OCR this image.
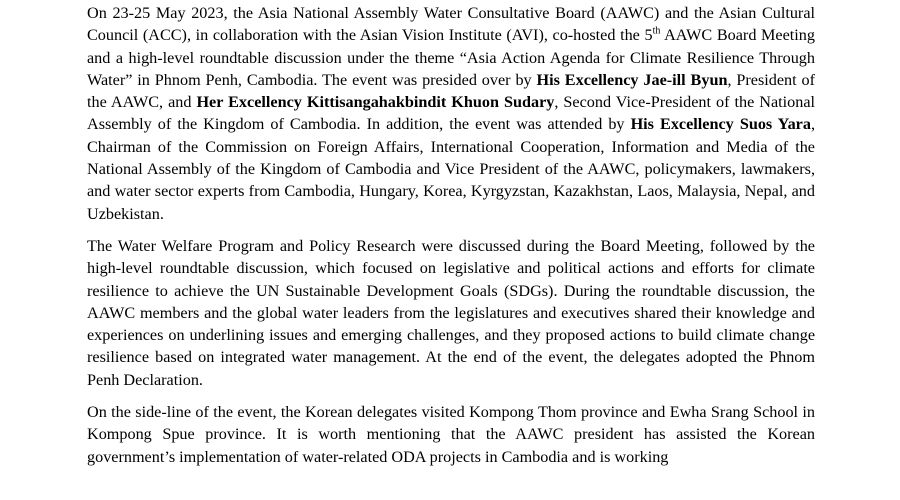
On 23-25 May 2023, the Asia National Assembly Water Consultative Board (AAWC) and the Asian Cultural Council (ACC), in collaboration with the Asian Vision Institute (AVI), co-hosted the 5th AAWC Board Meeting and a high-level roundtable discussion under the theme “Asia Action Agenda for Climate Resilience Through Water” in Phnom Penh, Cambodia. The event was presided over by His Excellency Jae-ill Byun, President of the AAWC, and Her Excellency Kittisangahakbindit Khuon Sudary, Second Vice-President of the National Assembly of the Kingdom of Cambodia. In addition, the event was attended by His Excellency Suos Yara, Chairman of the Commission on Foreign Affairs, International Cooperation, Information and Media of the National Assembly of the Kingdom of Cambodia and Vice President of the AAWC, policymakers, lawmakers, and water sector experts from Cambodia, Hungary, Korea, Kyrgyzstan, Kazakhstan, Laos, Malaysia, Nepal, and Uzbekistan.

The Water Welfare Program and Policy Research were discussed during the Board Meeting, followed by the high-level roundtable discussion, which focused on legislative and political actions and efforts for climate resilience to achieve the UN Sustainable Development Goals (SDGs). During the roundtable discussion, the AAWC members and the global water leaders from the legislatures and executives shared their knowledge and experiences on underlining issues and emerging challenges, and they proposed actions to build climate change resilience based on integrated water management. At the end of the event, the delegates adopted the Phnom Penh Declaration.

On the side-line of the event, the Korean delegates visited Kompong Thom province and Ewha Srang School in Kompong Spue province. It is worth mentioning that the AAWC president has assisted the Korean government’s implementation of water-related ODA projects in Cambodia and is working
